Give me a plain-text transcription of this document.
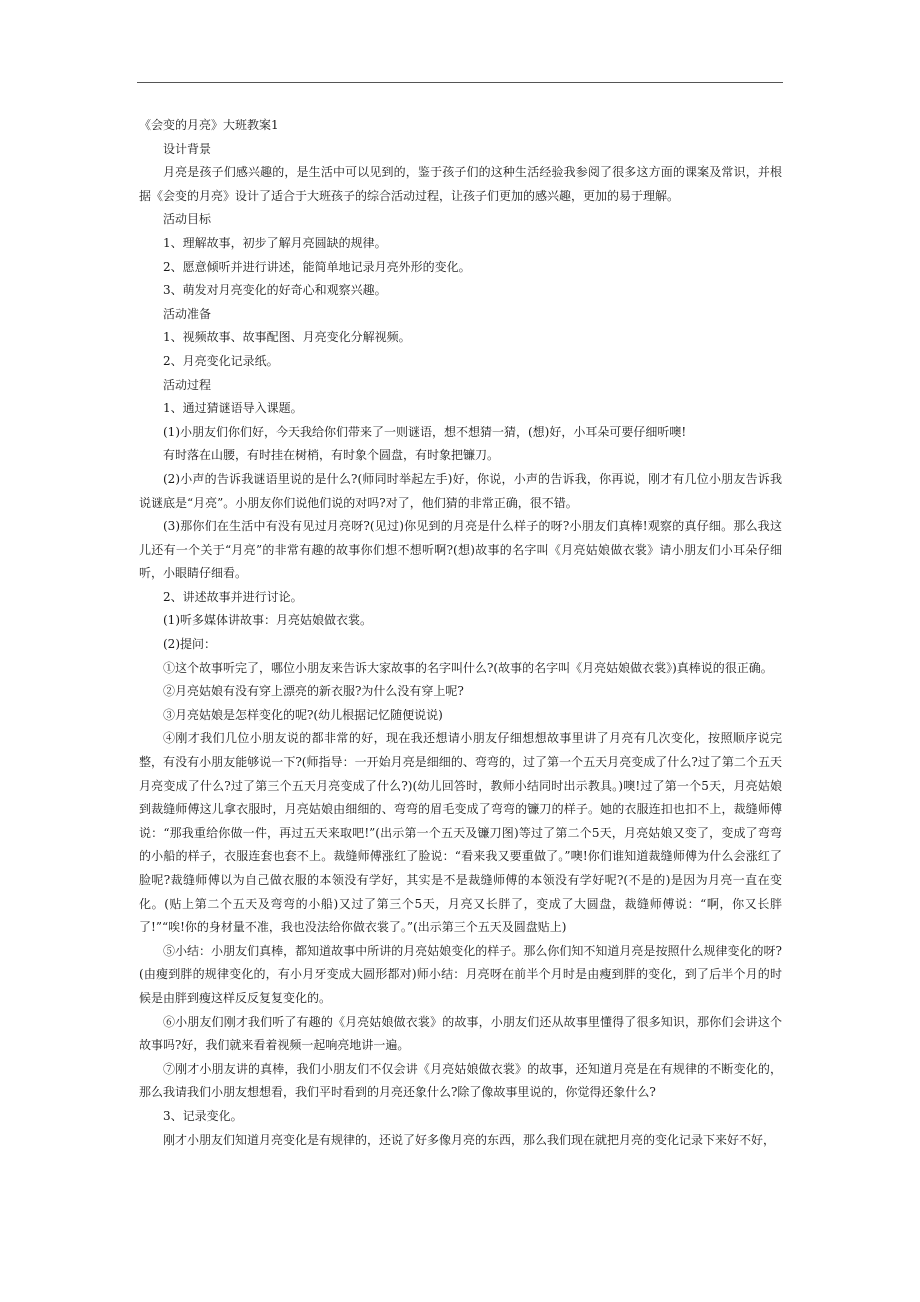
《会变的月亮》大班教案1

设计背景

月亮是孩子们感兴趣的，是生活中可以见到的，鉴于孩子们的这种生活经验我参阅了很多这方面的课案及常识，并根据《会变的月亮》设计了适合于大班孩子的综合活动过程，让孩子们更加的感兴趣，更加的易于理解。

活动目标

1、理解故事，初步了解月亮圆缺的规律。

2、愿意倾听并进行讲述，能简单地记录月亮外形的变化。

3、萌发对月亮变化的好奇心和观察兴趣。

活动准备

1、视频故事、故事配图、月亮变化分解视频。

2、月亮变化记录纸。

活动过程

1、通过猜谜语导入课题。

(1)小朋友们你们好，今天我给你们带来了一则谜语，想不想猜一猜，(想)好，小耳朵可要仔细听噢!

有时落在山腰，有时挂在树梢，有时象个圆盘，有时象把镰刀。

(2)小声的告诉我谜语里说的是什么?(师同时举起左手)好，你说，小声的告诉我，你再说，刚才有几位小朋友告诉我说谜底是“月亮”。小朋友你们说他们说的对吗?对了，他们猜的非常正确，很不错。

(3)那你们在生活中有没有见过月亮呀?(见过)你见到的月亮是什么样子的呀?小朋友们真棒!观察的真仔细。那么我这儿还有一个关于“月亮”的非常有趣的故事你们想不想听啊?(想)故事的名字叫《月亮姑娘做衣裳》请小朋友们小耳朵仔细听，小眼睛仔细看。

2、讲述故事并进行讨论。

(1)听多媒体讲故事：月亮姑娘做衣裳。

(2)提问：

①这个故事听完了，哪位小朋友来告诉大家故事的名字叫什么?(故事的名字叫《月亮姑娘做衣裳》)真棒说的很正确。

②月亮姑娘有没有穿上漂亮的新衣服?为什么没有穿上呢?

③月亮姑娘是怎样变化的呢?(幼儿根据记忆随便说说)

④刚才我们几位小朋友说的都非常的好，现在我还想请小朋友仔细想想故事里讲了月亮有几次变化，按照顺序说完整，有没有小朋友能够说一下?(师指导：一开始月亮是细细的、弯弯的，过了第一个五天月亮变成了什么?过了第二个五天月亮变成了什么?过了第三个五天月亮变成了什么?)(幼儿回答时，教师小结同时出示教具。)噢!过了第一个5天，月亮姑娘到裁缝师傅这儿拿衣服时，月亮姑娘由细细的、弯弯的眉毛变成了弯弯的镰刀的样子。她的衣服连扣也扣不上，裁缝师傅说：“那我重给你做一件，再过五天来取吧!”(出示第一个五天及镰刀图)等过了第二个5天，月亮姑娘又变了，变成了弯弯的小船的样子，衣服连套也套不上。裁缝师傅涨红了脸说：“看来我又要重做了。”噢!你们谁知道裁缝师傅为什么会涨红了脸呢?裁缝师傅以为自己做衣服的本领没有学好，其实是不是裁缝师傅的本领没有学好呢?(不是的)是因为月亮一直在变化。(贴上第二个五天及弯弯的小船)又过了第三个5天，月亮又长胖了，变成了大圆盘，裁缝师傅说：“啊，你又长胖了!”“唉!你的身材量不准，我也没法给你做衣裳了。”(出示第三个五天及圆盘贴上)

⑤小结：小朋友们真棒，都知道故事中所讲的月亮姑娘变化的样子。那么你们知不知道月亮是按照什么规律变化的呀?(由瘦到胖的规律变化的，有小月牙变成大圆形都对)师小结：月亮呀在前半个月时是由瘦到胖的变化，到了后半个月的时候是由胖到瘦这样反反复复变化的。

⑥小朋友们刚才我们听了有趣的《月亮姑娘做衣裳》的故事，小朋友们还从故事里懂得了很多知识，那你们会讲这个故事吗?好，我们就来看着视频一起响亮地讲一遍。

⑦刚才小朋友讲的真棒，我们小朋友们不仅会讲《月亮姑娘做衣裳》的故事，还知道月亮是在有规律的不断变化的，那么我请我们小朋友想想看，我们平时看到的月亮还象什么?除了像故事里说的，你觉得还象什么?

3、记录变化。

刚才小朋友们知道月亮变化是有规律的，还说了好多像月亮的东西，那么我们现在就把月亮的变化记录下来好不好，
